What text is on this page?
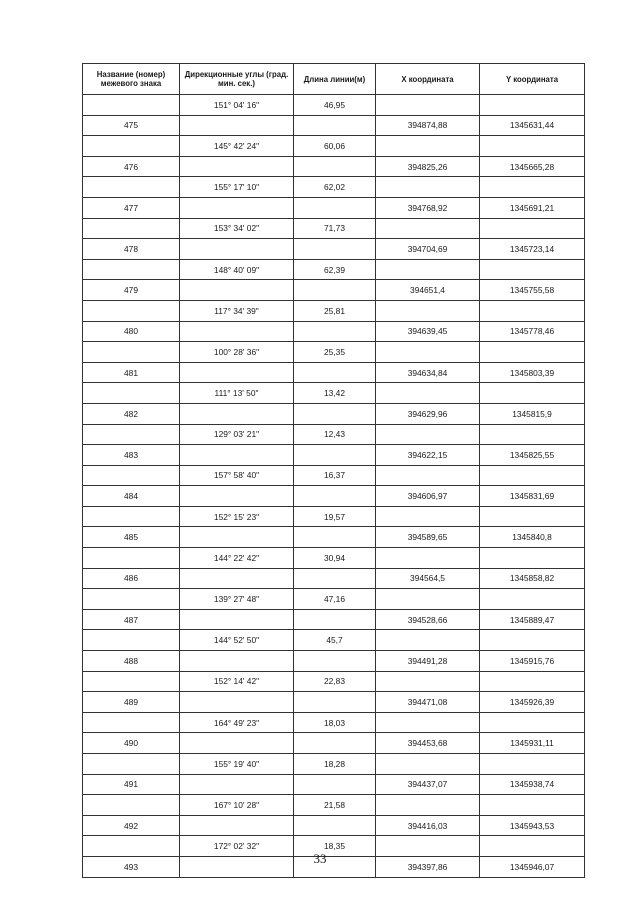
Название (номер) межевого знака	Дирекционные углы (град. мин. сек.)	Длина линии(м)	X координата	Y координата
	151° 04' 16"	46,95		
475			394874,88	1345631,44
	145° 42' 24"	60,06		
476			394825,26	1345665,28
	155° 17' 10"	62,02		
477			394768,92	1345691,21
	153° 34' 02"	71,73		
478			394704,69	1345723,14
	148° 40' 09"	62,39		
479			394651,4	1345755,58
	117° 34' 39"	25,81		
480			394639,45	1345778,46
	100° 28' 36"	25,35		
481			394634,84	1345803,39
	111° 13' 50"	13,42		
482			394629,96	1345815,9
	129° 03' 21"	12,43		
483			394622,15	1345825,55
	157° 58' 40"	16,37		
484			394606,97	1345831,69
	152° 15' 23"	19,57		
485			394589,65	1345840,8
	144° 22' 42"	30,94		
486			394564,5	1345858,82
	139° 27' 48"	47,16		
487			394528,66	1345889,47
	144° 52' 50"	45,7		
488			394491,28	1345915,76
	152° 14' 42"	22,83		
489			394471,08	1345926,39
	164° 49' 23"	18,03		
490			394453,68	1345931,11
	155° 19' 40"	18,28		
491			394437,07	1345938,74
	167° 10' 28"	21,58		
492			394416,03	1345943,53
	172° 02' 32"	18,35		
493			394397,86	1345946,07
33
